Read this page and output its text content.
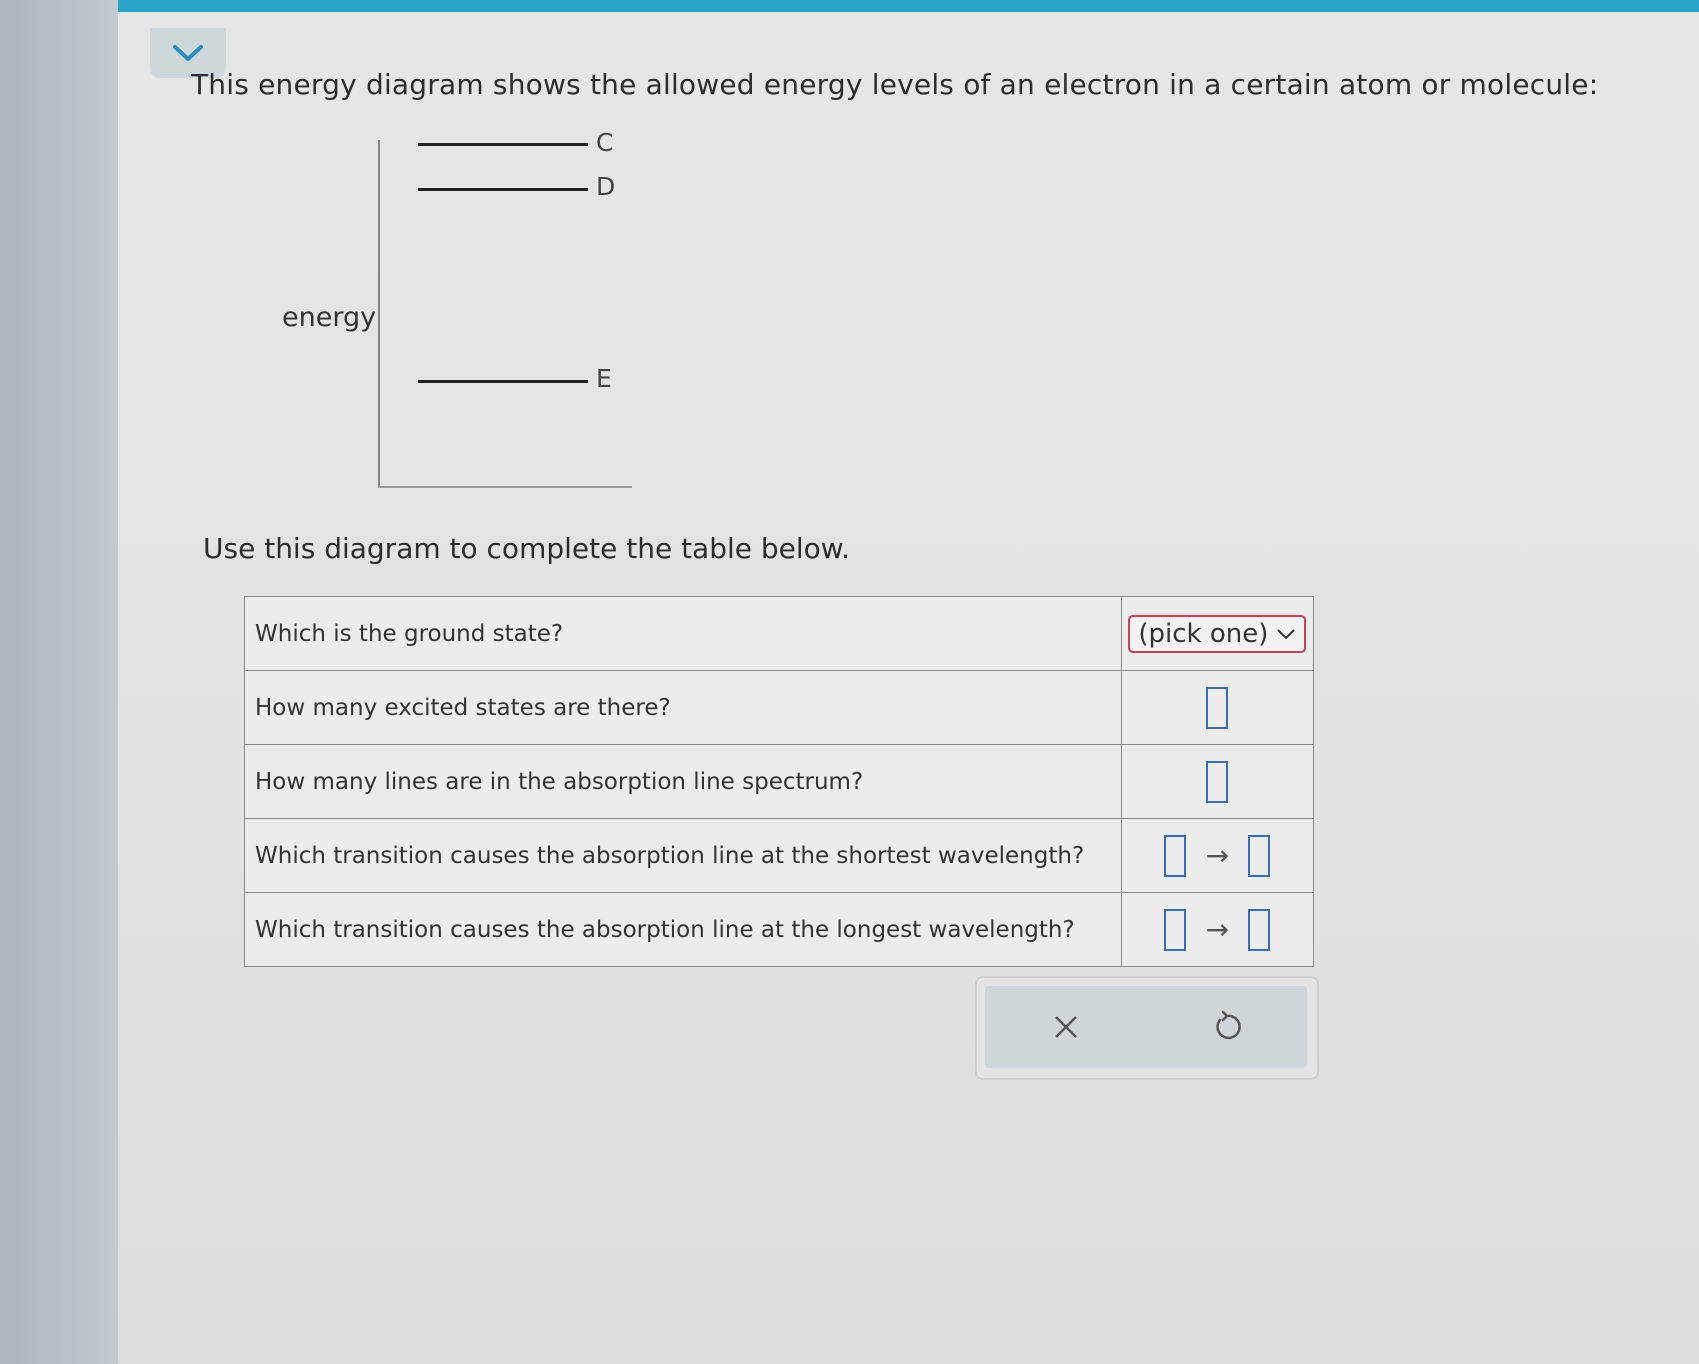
This energy diagram shows the allowed energy levels of an electron in a certain atom or molecule:
energy
C
D
E
Use this diagram to complete the table below.
Which is the ground state?	(pick one)

How many excited states are there?	
How many lines are in the absorption line spectrum?	
Which transition causes the absorption line at the shortest wavelength?	→
Which transition causes the absorption line at the longest wavelength?	→
